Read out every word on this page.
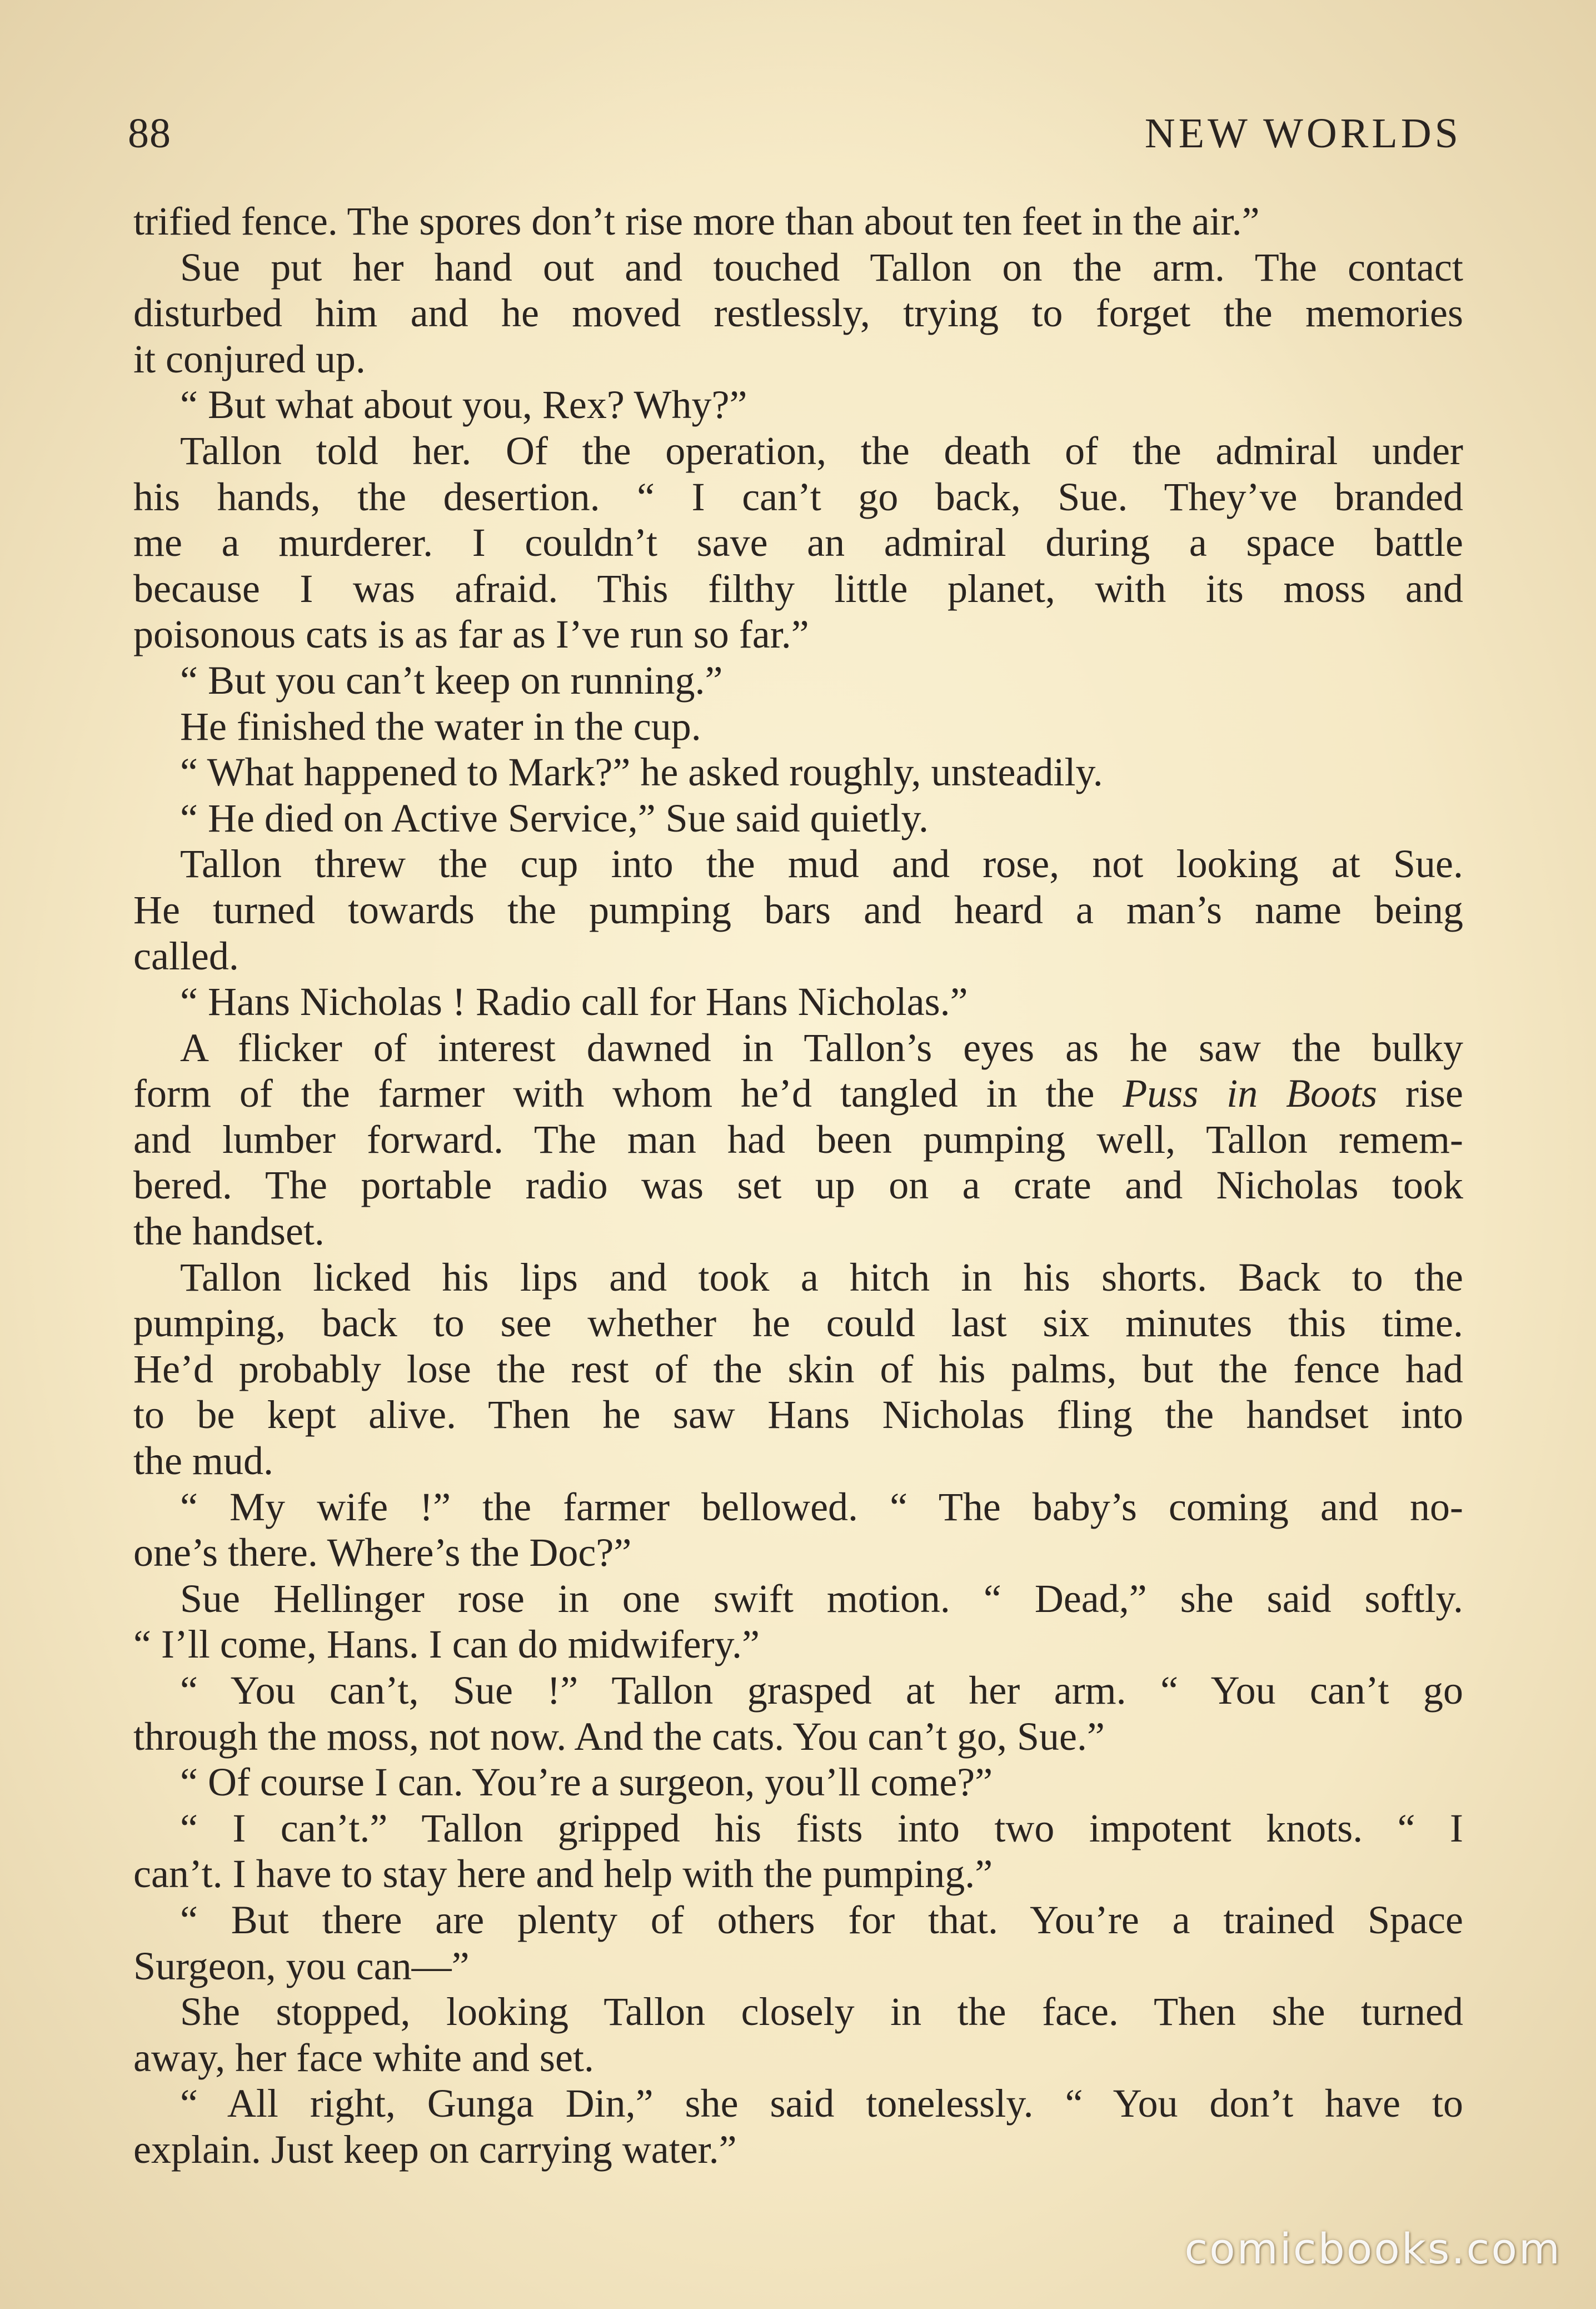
88	NEW WORLDS
trified fence. The spores don’t rise more than about ten feet in the air.”
Sue put her hand out and touched Tallon on the arm. The contact
disturbed him and he moved restlessly, trying to forget the memories
it conjured up.
“ But what about you, Rex? Why?”
Tallon told her. Of the operation, the death of the admiral under
his hands, the desertion. “ I can’t go back, Sue. They’ve branded
me a murderer. I couldn’t save an admiral during a space battle
because I was afraid. This filthy little planet, with its moss and
poisonous cats is as far as I’ve run so far.”
“ But you can’t keep on running.”
He finished the water in the cup.
“ What happened to Mark?” he asked roughly, unsteadily.
“ He died on Active Service,” Sue said quietly.
Tallon threw the cup into the mud and rose, not looking at Sue.
He turned towards the pumping bars and heard a man’s name being
called.
“ Hans Nicholas ! Radio call for Hans Nicholas.”
A flicker of interest dawned in Tallon’s eyes as he saw the bulky
form of the farmer with whom he’d tangled in the Puss in Boots rise
and lumber forward. The man had been pumping well, Tallon remem-
bered. The portable radio was set up on a crate and Nicholas took
the handset.
Tallon licked his lips and took a hitch in his shorts. Back to the
pumping, back to see whether he could last six minutes this time.
He’d probably lose the rest of the skin of his palms, but the fence had
to be kept alive. Then he saw Hans Nicholas fling the handset into
the mud.
“ My wife !” the farmer bellowed. “ The baby’s coming and no-
one’s there. Where’s the Doc?”
Sue Hellinger rose in one swift motion. “ Dead,” she said softly.
“ I’ll come, Hans. I can do midwifery.”
“ You can’t, Sue !” Tallon grasped at her arm. “ You can’t go
through the moss, not now. And the cats. You can’t go, Sue.”
“ Of course I can. You’re a surgeon, you’ll come?”
“ I can’t.” Tallon gripped his fists into two impotent knots. “ I
can’t. I have to stay here and help with the pumping.”
“ But there are plenty of others for that. You’re a trained Space
Surgeon, you can—”
She stopped, looking Tallon closely in the face. Then she turned
away, her face white and set.
“ All right, Gunga Din,” she said tonelessly. “ You don’t have to
explain. Just keep on carrying water.”
comicbooks.com
